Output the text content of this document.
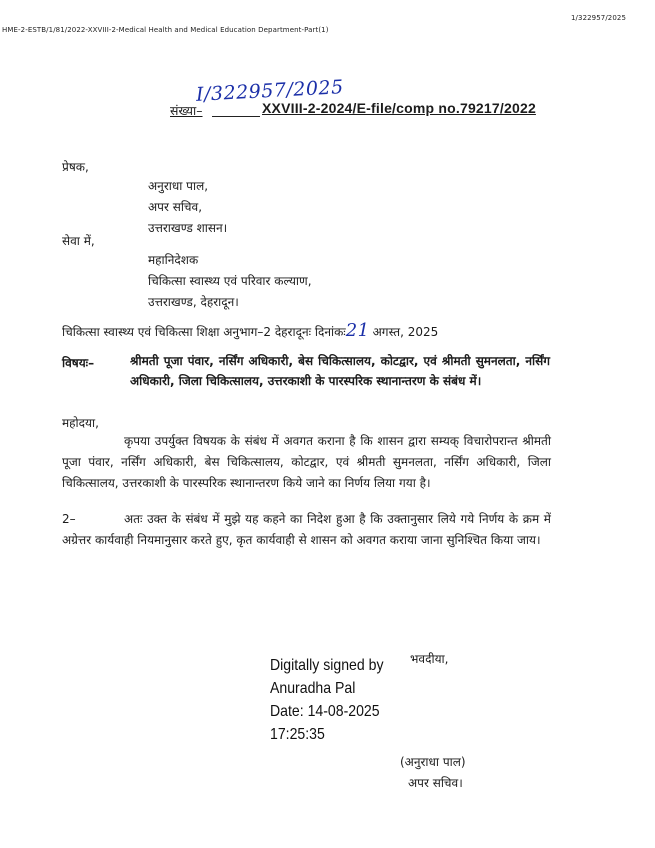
HME-2-ESTB/1/81/2022-XXVIII-2-Medical Health and Medical Education Department-Part(1)
1/322957/2025
I/322957/2025
संख्या–	XXVIII-2-2024/E-file/comp no.79217/2022
प्रेषक,
अनुराधा पाल,
अपर सचिव,
उत्तराखण्ड शासन।
सेवा में,
महानिदेशक
चिकित्सा स्वास्थ्य एवं परिवार कल्याण,
उत्तराखण्ड, देहरादून।
चिकित्सा स्वास्थ्य एवं चिकित्सा शिक्षा अनुभाग–2 देहरादूनः दिनांकः21 अगस्त, 2025
विषयः–	श्रीमती पूजा पंवार, नर्सिंग अधिकारी, बेस चिकित्सालय, कोटद्वार, एवं श्रीमती सुमनलता, नर्सिंग अधिकारी, जिला चिकित्सालय, उत्तरकाशी के पारस्परिक स्थानान्तरण के संबंध में।
महोदया,
कृपया उपर्युक्त विषयक के संबंध में अवगत कराना है कि शासन द्वारा सम्यक् विचारोपरान्त श्रीमती पूजा पंवार, नर्सिंग अधिकारी, बेस चिकित्सालय, कोटद्वार, एवं श्रीमती सुमनलता, नर्सिंग अधिकारी, जिला चिकित्सालय, उत्तरकाशी के पारस्परिक स्थानान्तरण किये जाने का निर्णय लिया गया है।
2–	अतः उक्त के संबंध में मुझे यह कहने का निदेश हुआ है कि उक्तानुसार लिये गये निर्णय के क्रम में अग्रेत्तर कार्यवाही नियमानुसार करते हुए, कृत कार्यवाही से शासन को अवगत कराया जाना सुनिश्चित किया जाय।
Digitally signed by
Anuradha Pal
Date: 14-08-2025
17:25:35
भवदीया,
(अनुराधा पाल)
अपर सचिव।
